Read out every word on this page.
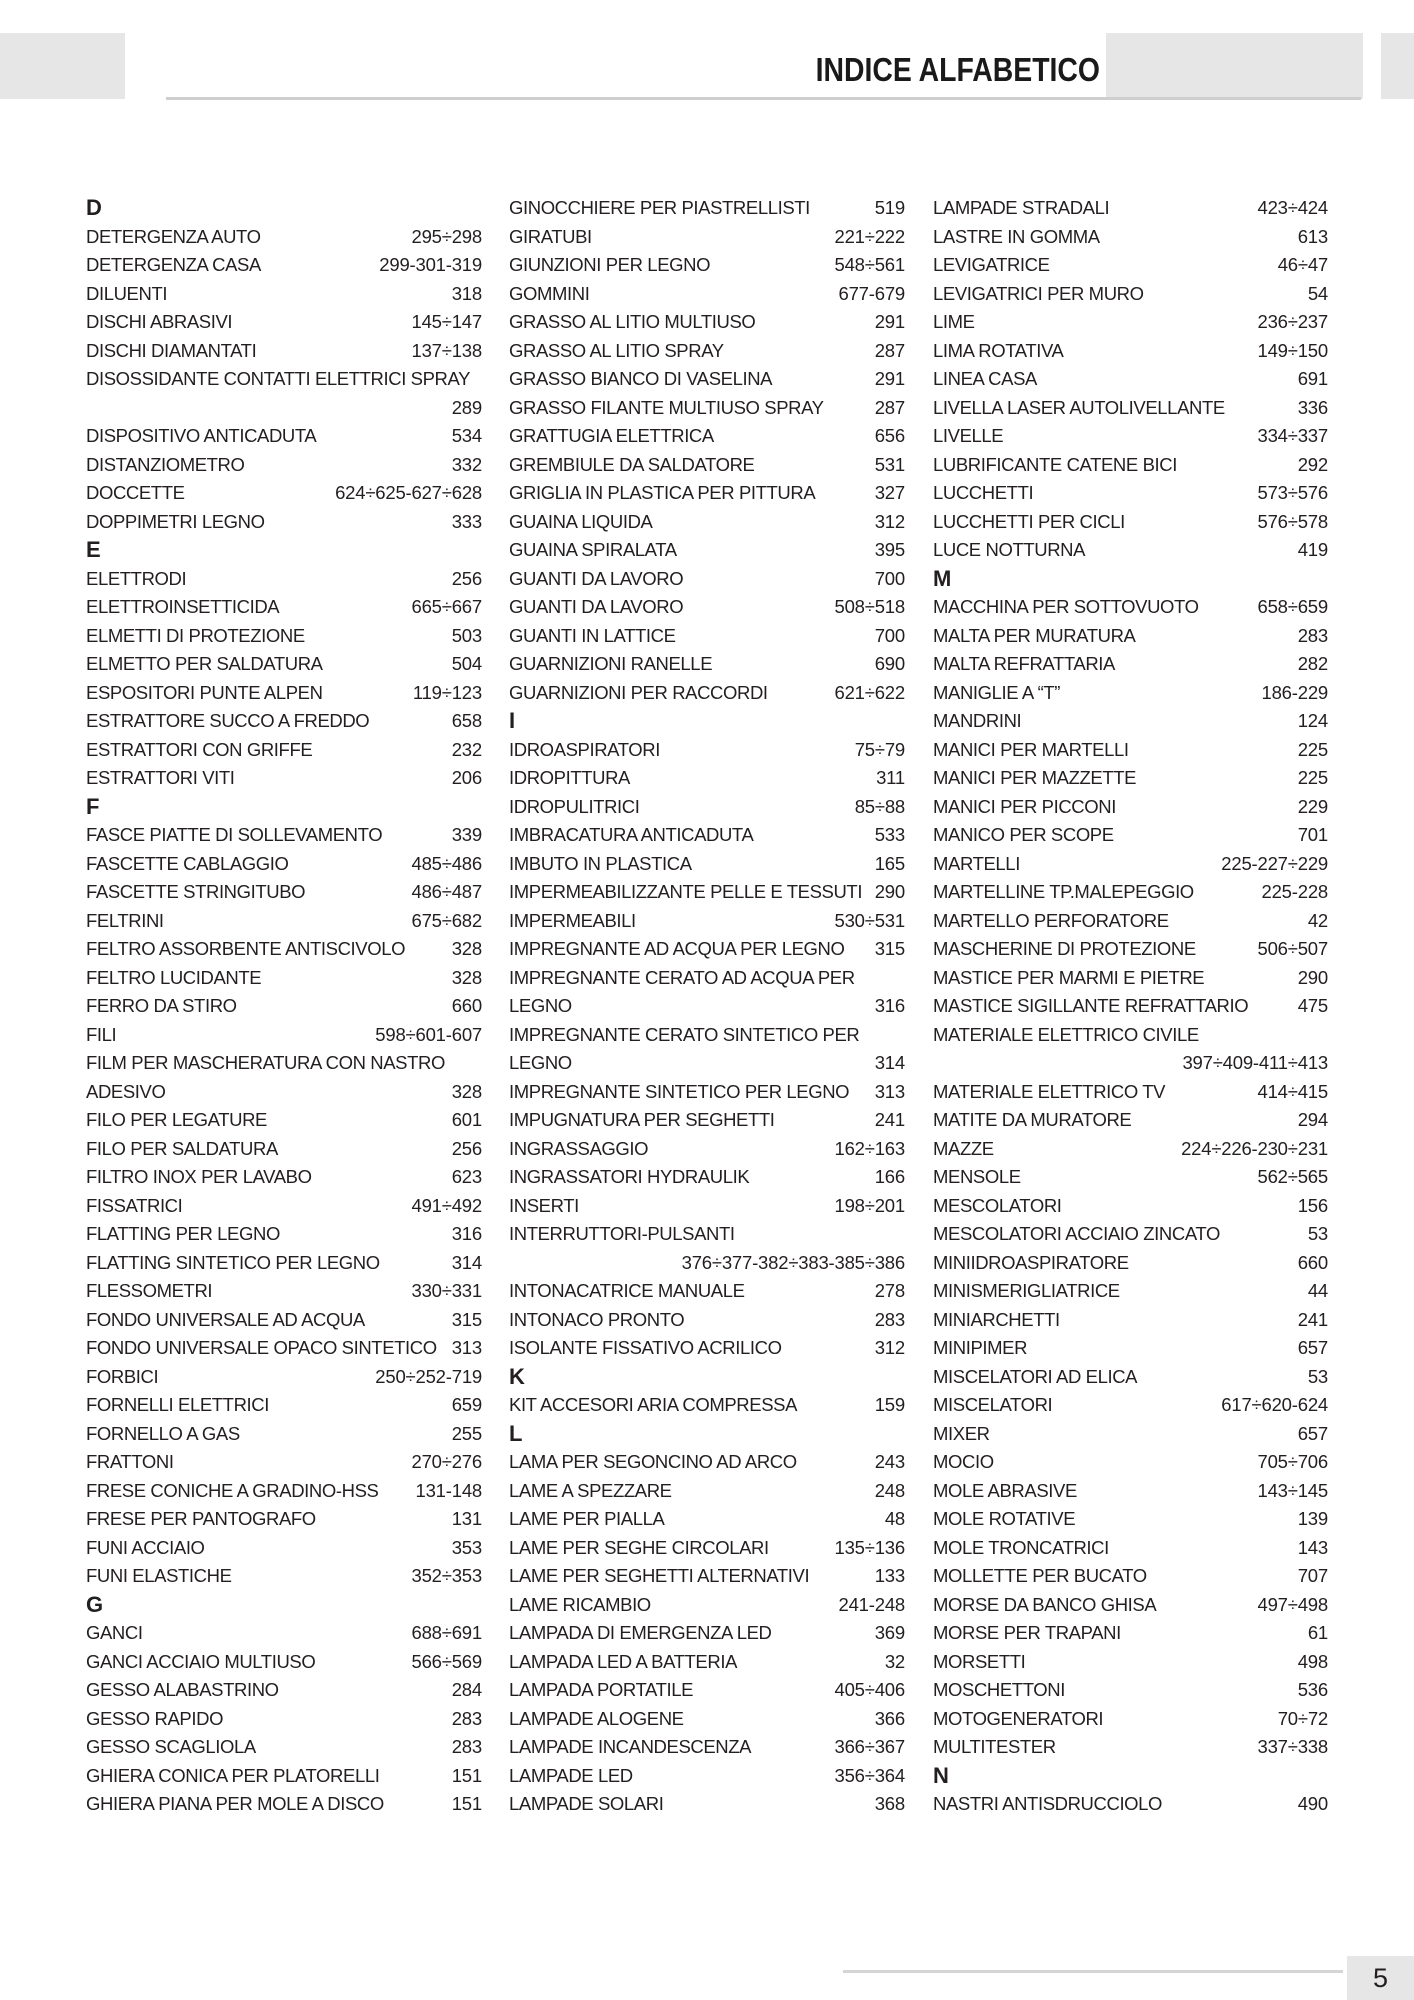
INDICE ALFABETICO
D
DETERGENZA AUTO	295÷298
DETERGENZA CASA	299-301-319
DILUENTI	318
DISCHI ABRASIVI	145÷147
DISCHI DIAMANTATI	137÷138
DISOSSIDANTE CONTATTI ELETTRICI SPRAY
289
DISPOSITIVO ANTICADUTA	534
DISTANZIOMETRO	332
DOCCETTE	624÷625-627÷628
DOPPIMETRI LEGNO	333
E
ELETTRODI	256
ELETTROINSETTICIDA	665÷667
ELMETTI DI PROTEZIONE	503
ELMETTO PER SALDATURA	504
ESPOSITORI PUNTE ALPEN	119÷123
ESTRATTORE SUCCO A FREDDO	658
ESTRATTORI CON GRIFFE	232
ESTRATTORI VITI	206
F
FASCE PIATTE DI SOLLEVAMENTO	339
FASCETTE CABLAGGIO	485÷486
FASCETTE STRINGITUBO	486÷487
FELTRINI	675÷682
FELTRO ASSORBENTE ANTISCIVOLO	328
FELTRO LUCIDANTE	328
FERRO DA STIRO	660
FILI	598÷601-607
FILM PER MASCHERATURA CON NASTRO
ADESIVO	328
FILO PER LEGATURE	601
FILO PER SALDATURA	256
FILTRO INOX PER LAVABO	623
FISSATRICI	491÷492
FLATTING PER LEGNO	316
FLATTING SINTETICO PER LEGNO	314
FLESSOMETRI	330÷331
FONDO UNIVERSALE AD ACQUA	315
FONDO UNIVERSALE OPACO SINTETICO 313
FORBICI	250÷252-719
FORNELLI ELETTRICI	659
FORNELLO A GAS	255
FRATTONI	270÷276
FRESE CONICHE A GRADINO-HSS 131-148
FRESE PER PANTOGRAFO	131
FUNI ACCIAIO	353
FUNI ELASTICHE	352÷353
G
GANCI	688÷691
GANCI ACCIAIO MULTIUSO	566÷569
GESSO ALABASTRINO	284
GESSO RAPIDO	283
GESSO SCAGLIOLA	283
GHIERA CONICA PER PLATORELLI	151
GHIERA PIANA PER MOLE A DISCO	151
GINOCCHIERE PER PIASTRELLISTI	519
GIRATUBI	221÷222
GIUNZIONI PER LEGNO	548÷561
GOMMINI	677-679
GRASSO AL LITIO MULTIUSO	291
GRASSO AL LITIO SPRAY	287
GRASSO BIANCO DI VASELINA	291
GRASSO FILANTE MULTIUSO SPRAY	287
GRATTUGIA ELETTRICA	656
GREMBIULE DA SALDATORE	531
GRIGLIA IN PLASTICA PER PITTURA	327
GUAINA LIQUIDA	312
GUAINA SPIRALATA	395
GUANTI DA LAVORO	700
GUANTI DA LAVORO	508÷518
GUANTI IN LATTICE	700
GUARNIZIONI RANELLE	690
GUARNIZIONI PER RACCORDI	621÷622
I
IDROASPIRATORI	75÷79
IDROPITTURA	311
IDROPULITRICI	85÷88
IMBRACATURA ANTICADUTA	533
IMBUTO IN PLASTICA	165
IMPERMEABILIZZANTE PELLE E TESSUTI 290
IMPERMEABILI	530÷531
IMPREGNANTE AD ACQUA PER LEGNO 315
IMPREGNANTE CERATO AD ACQUA PER
LEGNO	316
IMPREGNANTE CERATO SINTETICO PER
LEGNO	314
IMPREGNANTE SINTETICO PER LEGNO 313
IMPUGNATURA PER SEGHETTI	241
INGRASSAGGIO	162÷163
INGRASSATORI HYDRAULIK	166
INSERTI	198÷201
INTERRUTTORI-PULSANTI
376÷377-382÷383-385÷386
INTONACATRICE MANUALE	278
INTONACO PRONTO	283
ISOLANTE FISSATIVO ACRILICO	312
K
KIT ACCESORI ARIA COMPRESSA	159
L
LAMA PER SEGONCINO AD ARCO	243
LAME A SPEZZARE	248
LAME PER PIALLA	48
LAME PER SEGHE CIRCOLARI	135÷136
LAME PER SEGHETTI ALTERNATIVI	133
LAME RICAMBIO	241-248
LAMPADA DI EMERGENZA LED	369
LAMPADA LED A BATTERIA	32
LAMPADA PORTATILE	405÷406
LAMPADE ALOGENE	366
LAMPADE INCANDESCENZA	366÷367
LAMPADE LED	356÷364
LAMPADE SOLARI	368
LAMPADE STRADALI	423÷424
LASTRE IN GOMMA	613
LEVIGATRICE	46÷47
LEVIGATRICI PER MURO	54
LIME	236÷237
LIMA ROTATIVA	149÷150
LINEA CASA	691
LIVELLA LASER AUTOLIVELLANTE	336
LIVELLE	334÷337
LUBRIFICANTE CATENE BICI	292
LUCCHETTI	573÷576
LUCCHETTI PER CICLI	576÷578
LUCE NOTTURNA	419
M
MACCHINA PER SOTTOVUOTO	658÷659
MALTA PER MURATURA	283
MALTA REFRATTARIA	282
MANIGLIE A “T”	186-229
MANDRINI	124
MANICI PER MARTELLI	225
MANICI PER MAZZETTE	225
MANICI PER PICCONI	229
MANICO PER SCOPE	701
MARTELLI	225-227÷229
MARTELLINE TP.MALEPEGGIO	225-228
MARTELLO PERFORATORE	42
MASCHERINE DI PROTEZIONE	506÷507
MASTICE PER MARMI E PIETRE	290
MASTICE SIGILLANTE REFRATTARIO	475
MATERIALE ELETTRICO CIVILE
397÷409-411÷413
MATERIALE ELETTRICO TV	414÷415
MATITE DA MURATORE	294
MAZZE	224÷226-230÷231
MENSOLE	562÷565
MESCOLATORI	156
MESCOLATORI ACCIAIO ZINCATO	53
MINIIDROASPIRATORE	660
MINISMERIGLIATRICE	44
MINIARCHETTI	241
MINIPIMER	657
MISCELATORI AD ELICA	53
MISCELATORI	617÷620-624
MIXER	657
MOCIO	705÷706
MOLE ABRASIVE	143÷145
MOLE ROTATIVE	139
MOLE TRONCATRICI	143
MOLLETTE PER BUCATO	707
MORSE DA BANCO GHISA	497÷498
MORSE PER TRAPANI	61
MORSETTI	498
MOSCHETTONI	536
MOTOGENERATORI	70÷72
MULTITESTER	337÷338
N
NASTRI ANTISDRUCCIOLO	490
5
